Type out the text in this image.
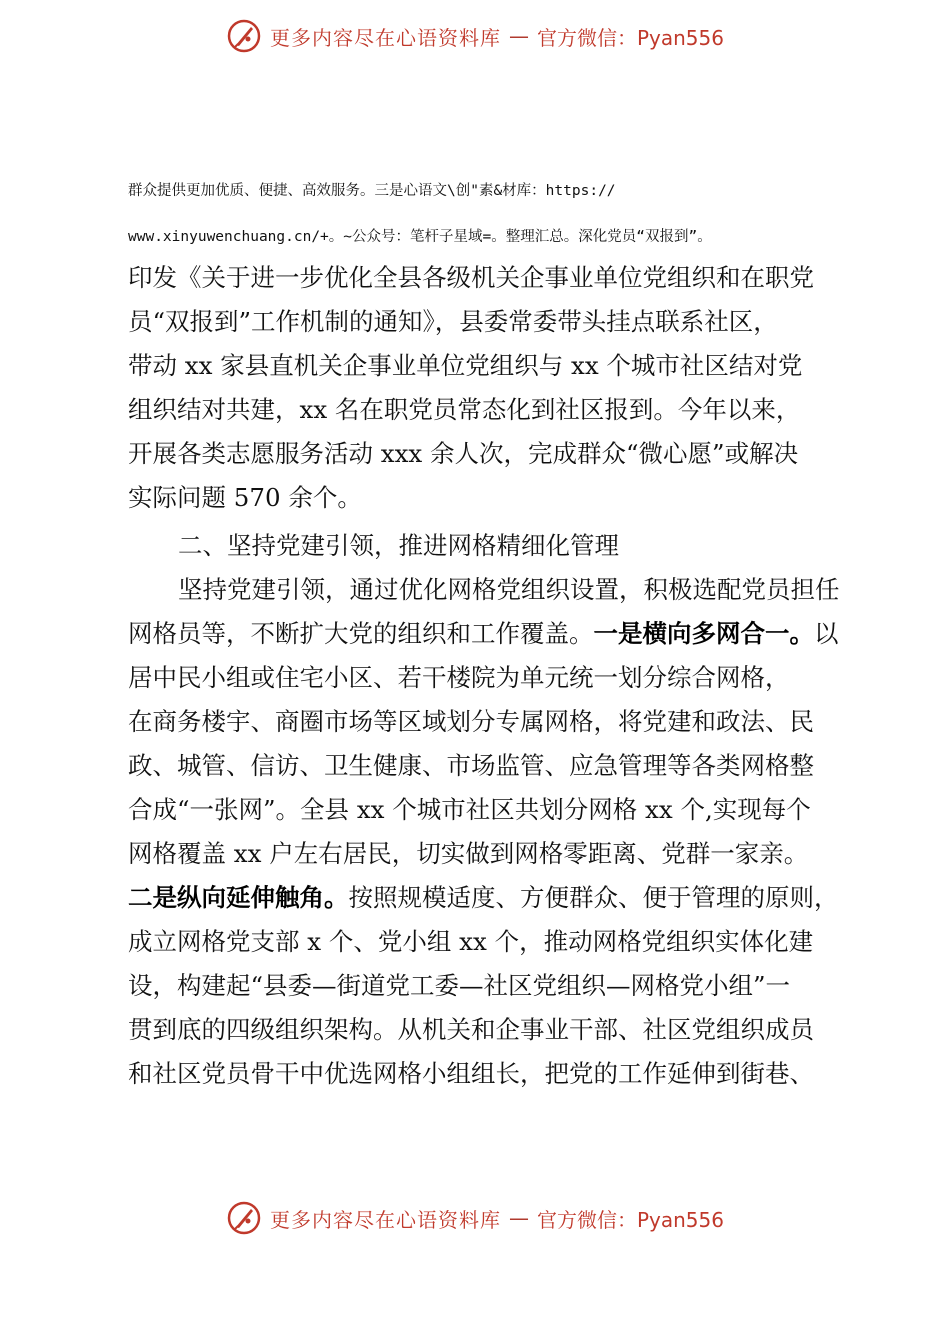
更多内容尽在心语资料库 — 官方微信：Pyan556

群众提供更加优质、便捷、高效服务。三是心语文\创"素&材库：https://

www.xinyuwenchuang.cn/+。~公众号：笔杆子星域=。整理汇总。深化党员“双报到”。

印发《关于进一步优化全县各级机关企事业单位党组织和在职党

员“双报到”工作机制的通知》，县委常委带头挂点联系社区，

带动 xx 家县直机关企事业单位党组织与 xx 个城市社区结对党

组织结对共建，xx 名在职党员常态化到社区报到。今年以来，

开展各类志愿服务活动 xxx 余人次，完成群众“微心愿”或解决

实际问题 570 余个。

二、坚持党建引领，推进网格精细化管理

坚持党建引领，通过优化网格党组织设置，积极选配党员担任

网格员等，不断扩大党的组织和工作覆盖。一是横向多网合一。以

居中民小组或住宅小区、若干楼院为单元统一划分综合网格，

在商务楼宇、商圈市场等区域划分专属网格，将党建和政法、民

政、城管、信访、卫生健康、市场监管、应急管理等各类网格整

合成“一张网”。全县 xx 个城市社区共划分网格 xx 个,实现每个

网格覆盖 xx 户左右居民，切实做到网格零距离、党群一家亲。

二是纵向延伸触角。按照规模适度、方便群众、便于管理的原则，

成立网格党支部 x 个、党小组 xx 个，推动网格党组织实体化建

设，构建起“县委—街道党工委—社区党组织—网格党小组”一

贯到底的四级组织架构。从机关和企事业干部、社区党组织成员

和社区党员骨干中优选网格小组组长，把党的工作延伸到街巷、

更多内容尽在心语资料库 — 官方微信：Pyan556
